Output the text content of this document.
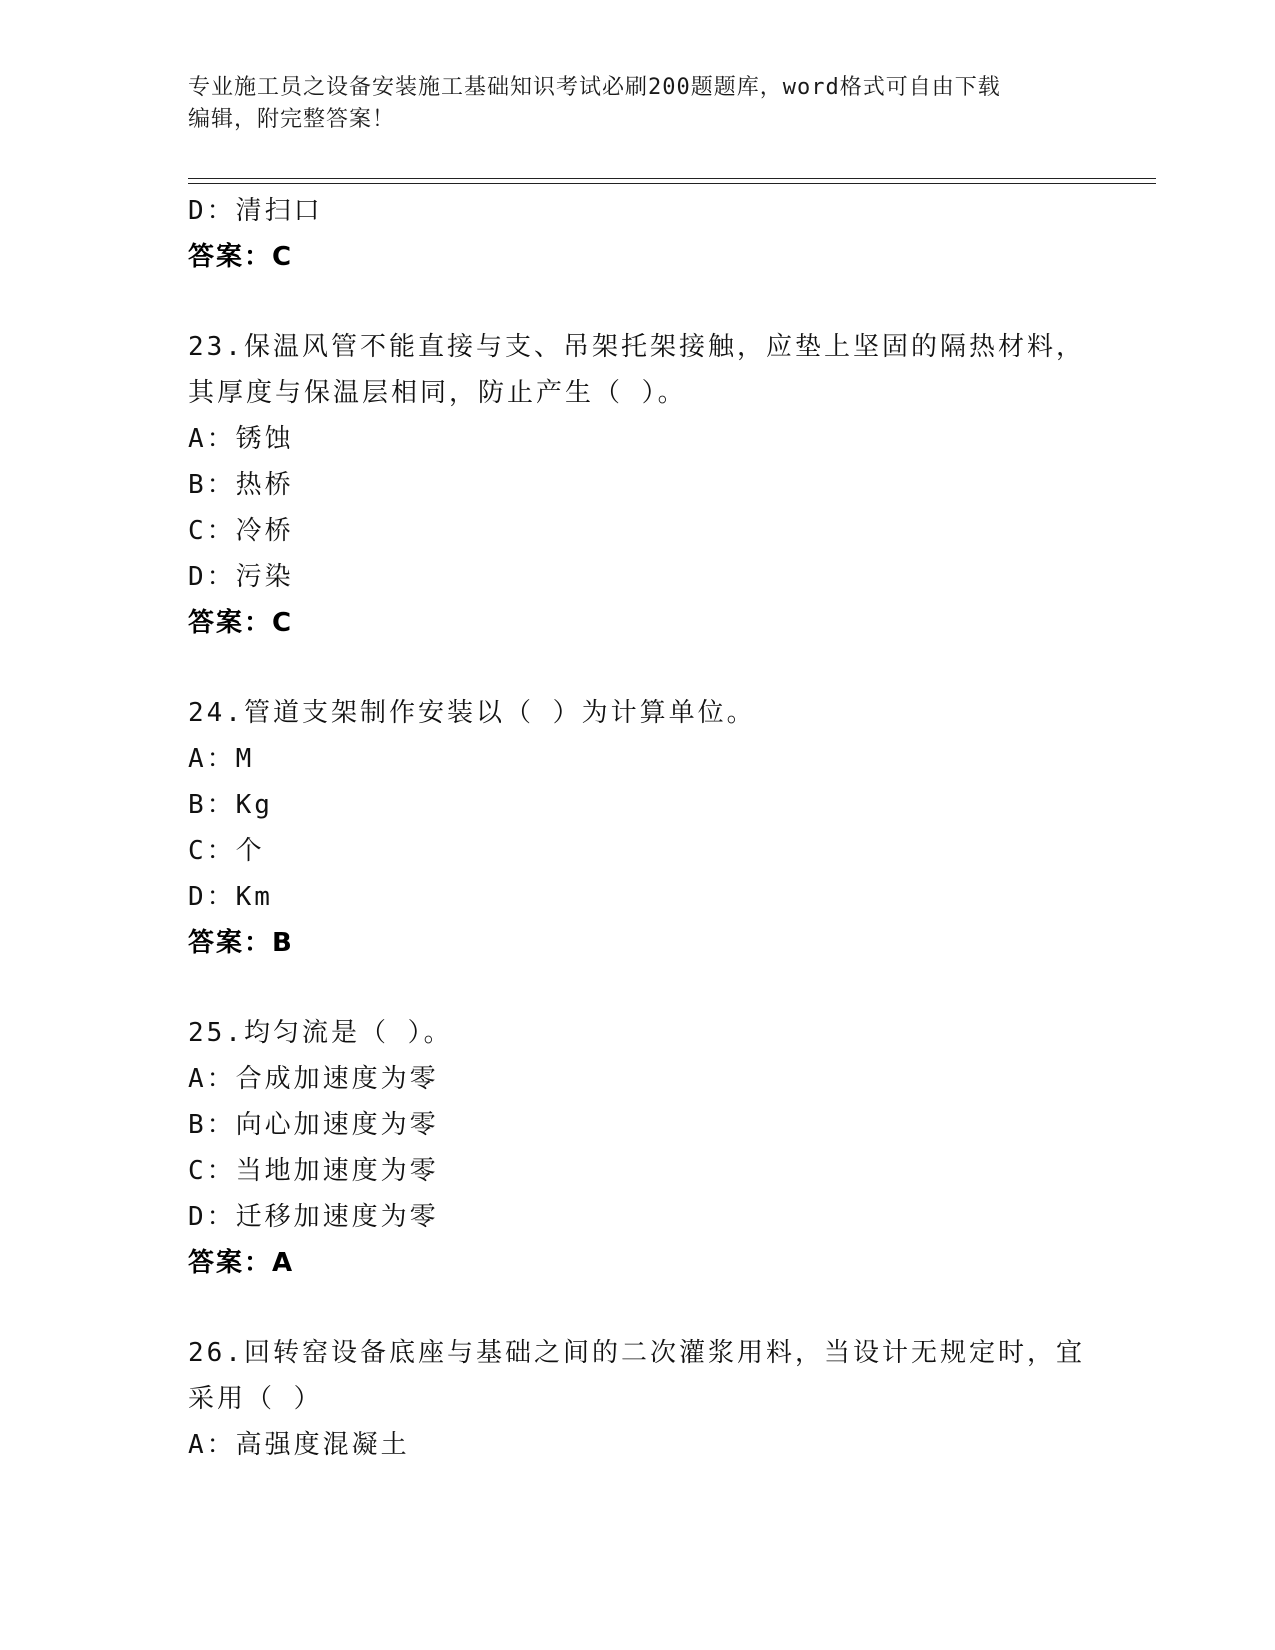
专业施工员之设备安装施工基础知识考试必刷200题题库，word格式可自由下载
编辑，附完整答案！
D：清扫口
答案：C
23.保温风管不能直接与支、吊架托架接触，应垫上坚固的隔热材料，
其厚度与保温层相同，防止产生（ ）。
A：锈蚀
B：热桥
C：冷桥
D：污染
答案：C
24.管道支架制作安装以（ ）为计算单位。
A：M
B：Kg
C：个
D：Km
答案：B
25.均匀流是（ ）。
A：合成加速度为零
B：向心加速度为零
C：当地加速度为零
D：迁移加速度为零
答案：A
26.回转窑设备底座与基础之间的二次灌浆用料，当设计无规定时，宜
采用（ ）
A：高强度混凝土
